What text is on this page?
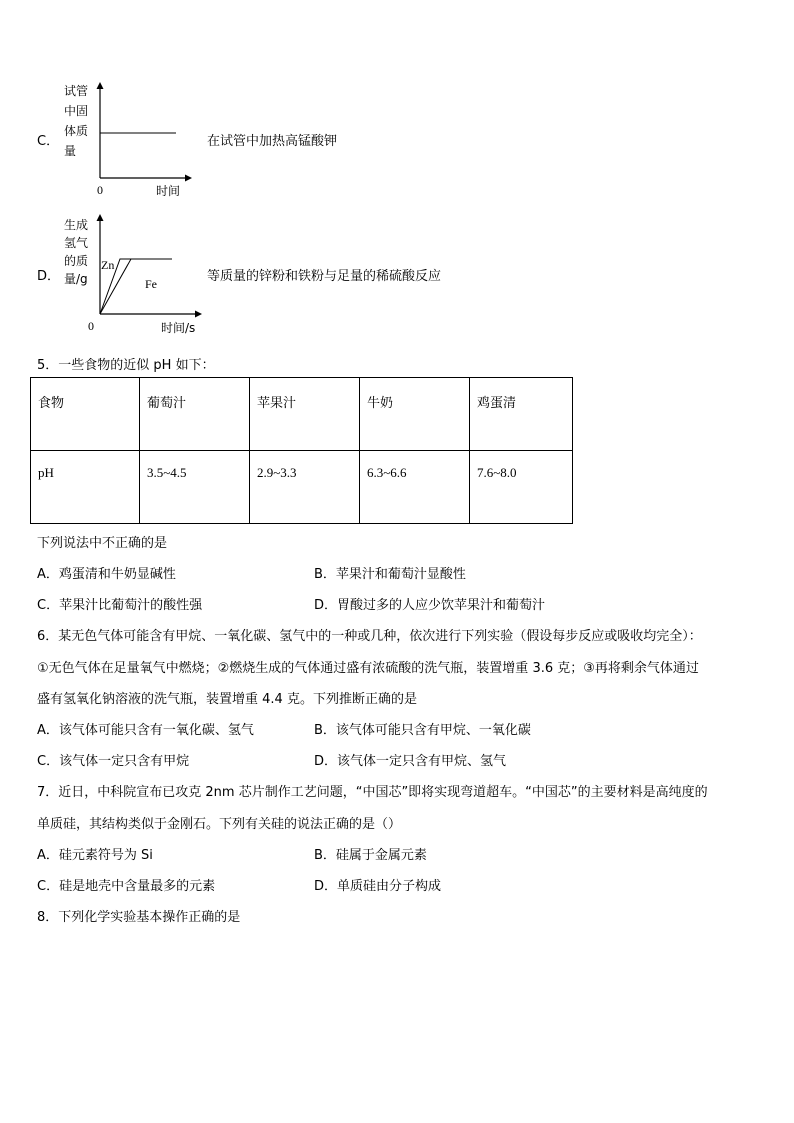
C．
试管
中固
体质
量
0	时间
在试管中加热高锰酸钾
D．
生成
氢气
的质
量/g
Zn
Fe
0	时间/s
等质量的锌粉和铁粉与足量的稀硫酸反应
5．一些食物的近似 pH 如下：
食物	葡萄汁	苹果汁	牛奶	鸡蛋清
pH	3.5~4.5	2.9~3.3	6.3~6.6	7.6~8.0
下列说法中不正确的是
A．鸡蛋清和牛奶显碱性	B．苹果汁和葡萄汁显酸性
C．苹果汁比葡萄汁的酸性强	D．胃酸过多的人应少饮苹果汁和葡萄汁
6．某无色气体可能含有甲烷、一氧化碳、氢气中的一种或几种，依次进行下列实验（假设每步反应或吸收均完全）：
①无色气体在足量氧气中燃烧；②燃烧生成的气体通过盛有浓硫酸的洗气瓶，装置增重 3.6 克；③再将剩余气体通过
盛有氢氧化钠溶液的洗气瓶，装置增重 4.4 克。下列推断正确的是
A．该气体可能只含有一氧化碳、氢气	B．该气体可能只含有甲烷、一氧化碳
C．该气体一定只含有甲烷	D．该气体一定只含有甲烷、氢气
7．近日，中科院宣布已攻克 2nm 芯片制作工艺问题，“中国芯”即将实现弯道超车。“中国芯”的主要材料是高纯度的
单质硅，其结构类似于金刚石。下列有关硅的说法正确的是（）
A．硅元素符号为 Si	B．硅属于金属元素
C．硅是地壳中含量最多的元素	D．单质硅由分子构成
8．下列化学实验基本操作正确的是
